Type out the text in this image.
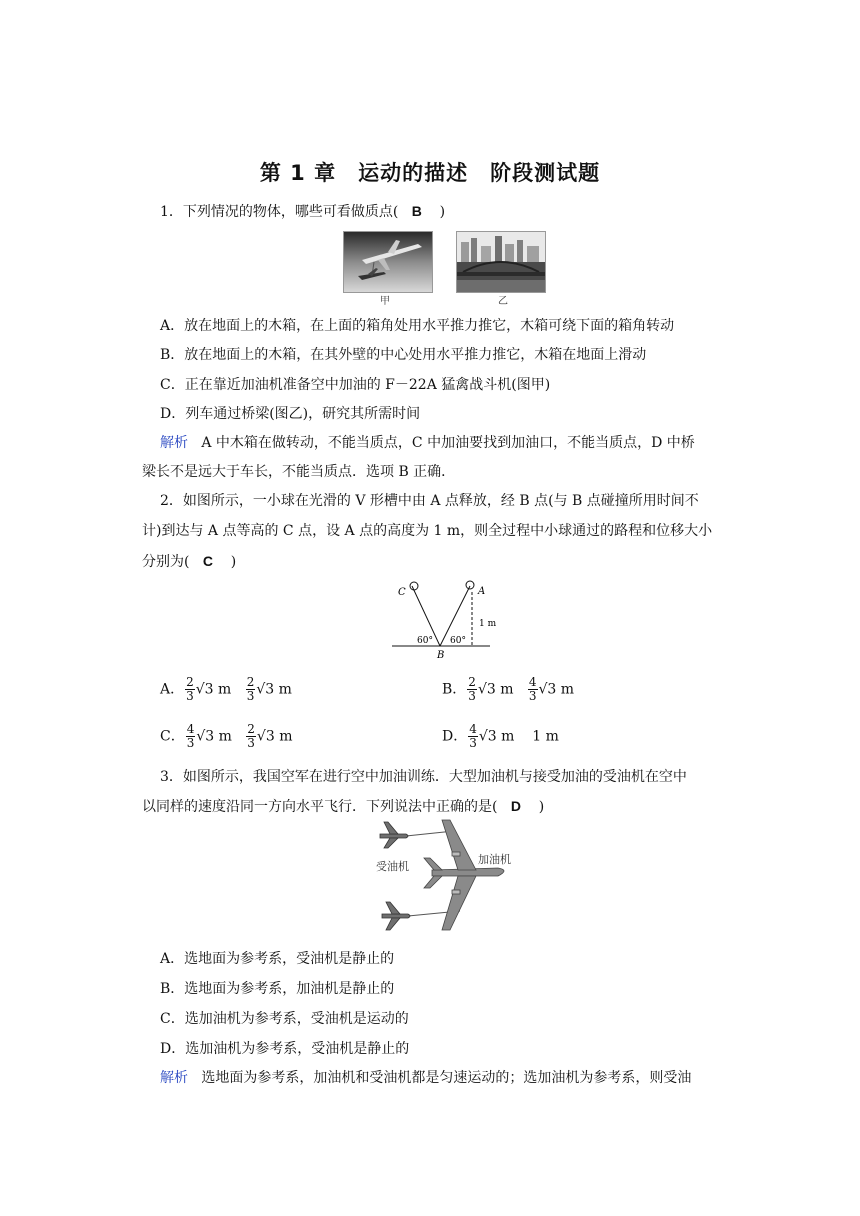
第 1 章　运动的描述　阶段测试题
1．下列情况的物体，哪些可看做质点( B )
甲	乙
A．放在地面上的木箱，在上面的箱角处用水平推力推它，木箱可绕下面的箱角转动
B．放在地面上的木箱，在其外壁的中心处用水平推力推它，木箱在地面上滑动
C．正在靠近加油机准备空中加油的 F－22A 猛禽战斗机(图甲)
D．列车通过桥梁(图乙)，研究其所需时间
解析 A 中木箱在做转动，不能当质点，C 中加油要找到加油口，不能当质点，D 中桥
梁长不是远大于车长，不能当质点．选项 B 正确．
2．如图所示，一小球在光滑的 V 形槽中由 A 点释放，经 B 点(与 B 点碰撞所用时间不
计)到达与 A 点等高的 C 点，设 A 点的高度为 1 m，则全过程中小球通过的路程和位移大小
分别为( C )
C	A
B
1 m
60° 60°
A． $\frac{2}{3} √3$ m $\frac{2}{3} √3$ m	B． $\frac{2}{3} √3$ m $\frac{4}{3} √3$ m
C． $\frac{4}{3} √3$ m $\frac{2}{3} √3$ m	D． $\frac{4}{3} √3$ m 1 m
3．如图所示，我国空军在进行空中加油训练．大型加油机与接受加油的受油机在空中
以同样的速度沿同一方向水平飞行．下列说法中正确的是( D )
受油机
加油机
A．选地面为参考系，受油机是静止的
B．选地面为参考系，加油机是静止的
C．选加油机为参考系，受油机是运动的
D．选加油机为参考系，受油机是静止的
解析 选地面为参考系，加油机和受油机都是匀速运动的；选加油机为参考系，则受油
